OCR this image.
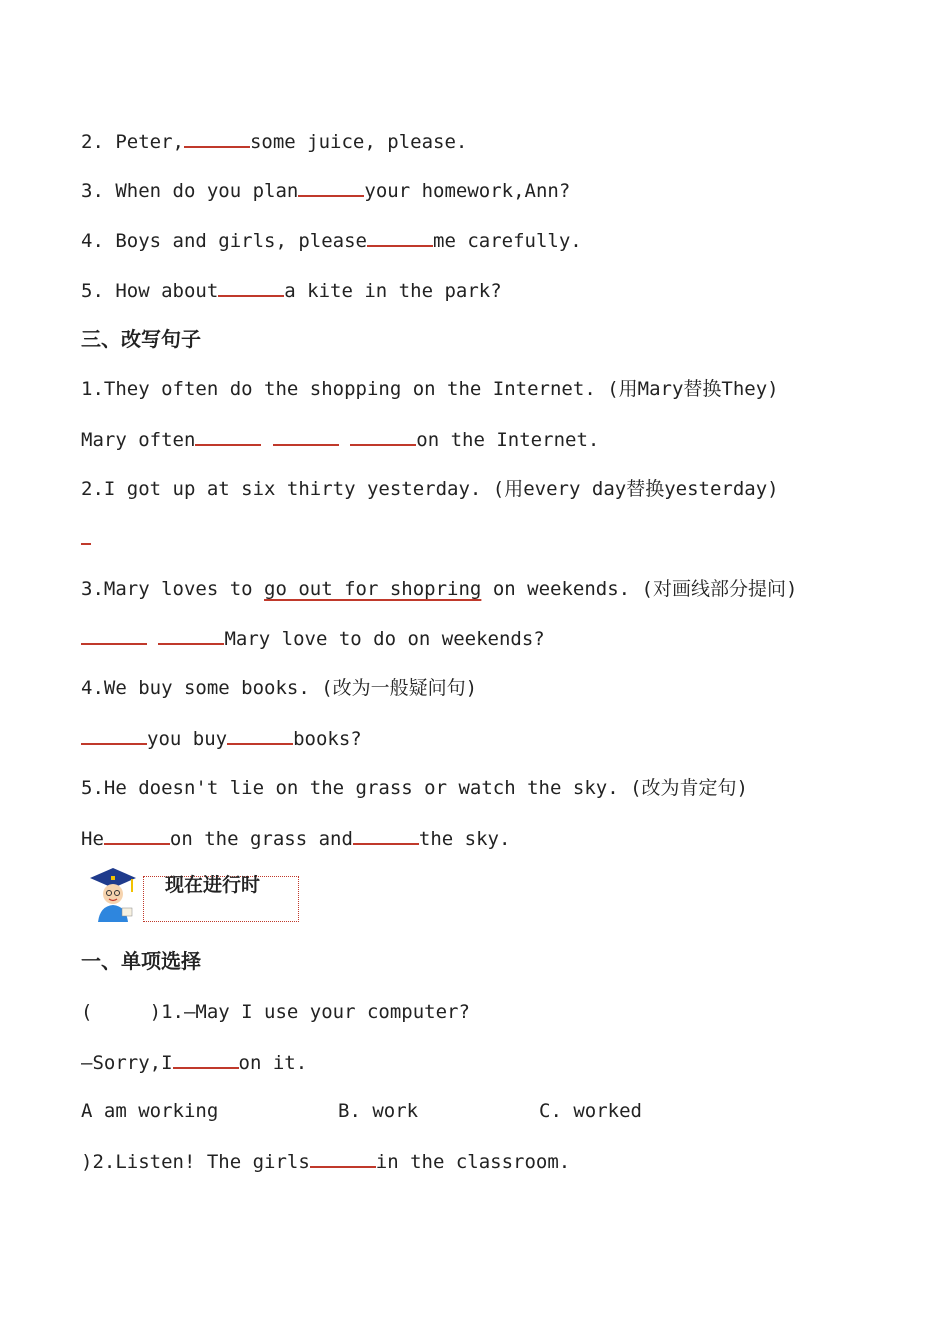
2. Peter,	some juice, please.
3. When do you plan	your homework,Ann?
4. Boys and girls, please	me carefully.
5. How about	a kite in the park?
三、改写句子
1.They often do the shopping on the Internet. (用Mary替换They)
Mary often	on the Internet.
2.I got up at six thirty yesterday. (用every day替换yesterday)
3.Mary loves to go out for shopring on weekends. (对画线部分提问)
Mary love to do on weekends?
4.We buy some books. (改为一般疑问句)
you buy	books?
5.He doesn't lie on the grass or watch the sky. (改为肯定句)
He	on the grass and	the sky.
现在进行时
一、单项选择
(     )1.—May I use your computer?
—Sorry,I	on it.

A am working

	B. work

	C. worked

)2.Listen! The girls	in the classroom.
